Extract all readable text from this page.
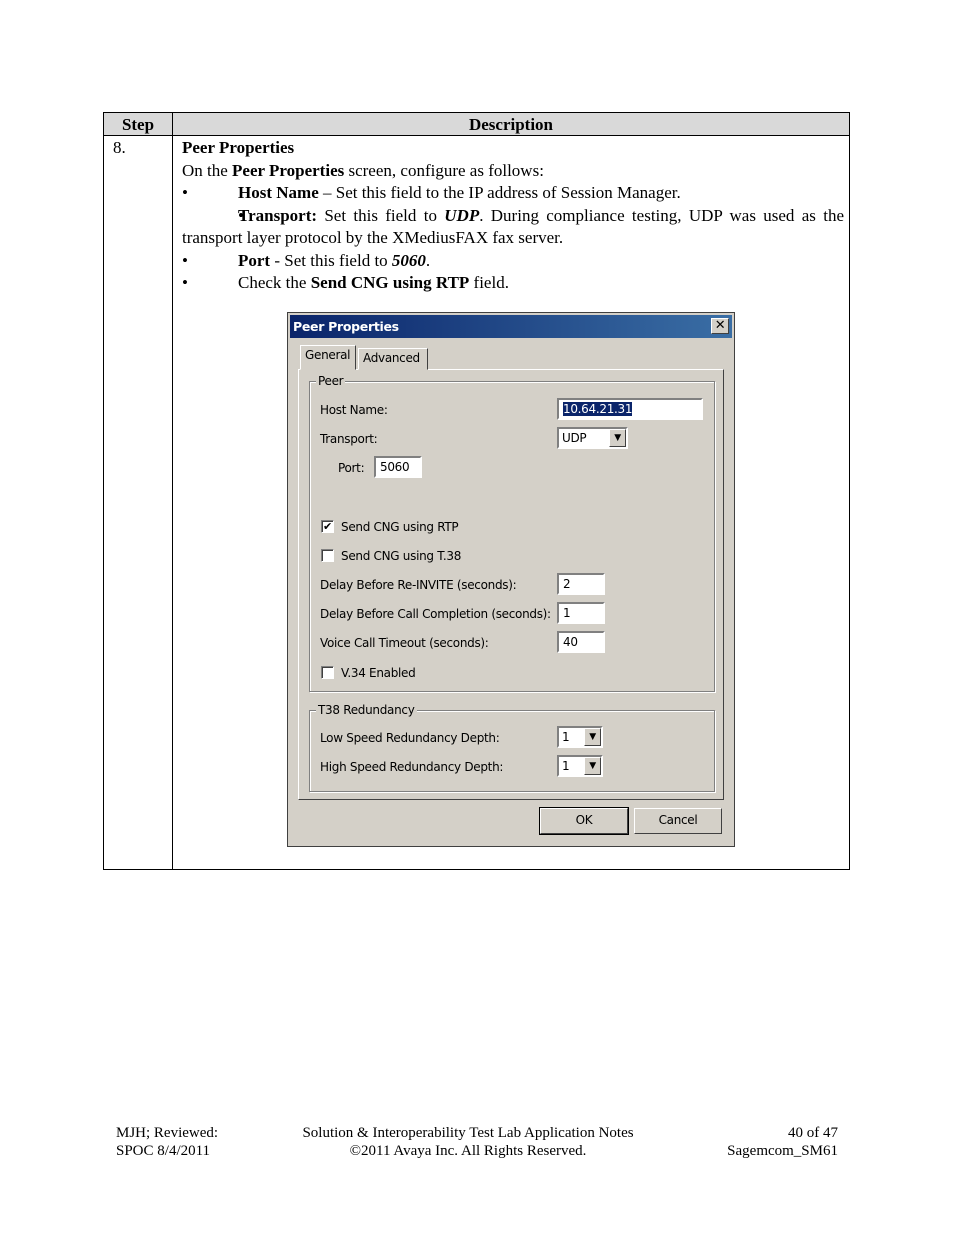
Step	Description
8.	Peer Properties

On the Peer Properties screen, configure as follows:

• Host Name – Set this field to the IP address of Session Manager.

• Transport: Set this field to UDP. During compliance testing, UDP was used as the transport layer protocol by the XMediusFAX fax server.

• Port - Set this field to 5060.

• Check the Send CNG using RTP field.

Peer Properties	✕
General	Advanced
Peer
Host Name:	10.64.21.31
Transport:	UDP	▼
Port:	5060
✔ Send CNG using RTP
Send CNG using T.38
Delay Before Re-INVITE (seconds):	2
Delay Before Call Completion (seconds):	1
Voice Call Timeout (seconds):	40
V.34 Enabled
T38 Redundancy
Low Speed Redundancy Depth:	1	▼
High Speed Redundancy Depth:	1	▼
OK	Cancel
MJH; Reviewed:
SPOC 8/4/2011
Solution & Interoperability Test Lab Application Notes
©2011 Avaya Inc. All Rights Reserved.
40 of 47
Sagemcom_SM61
